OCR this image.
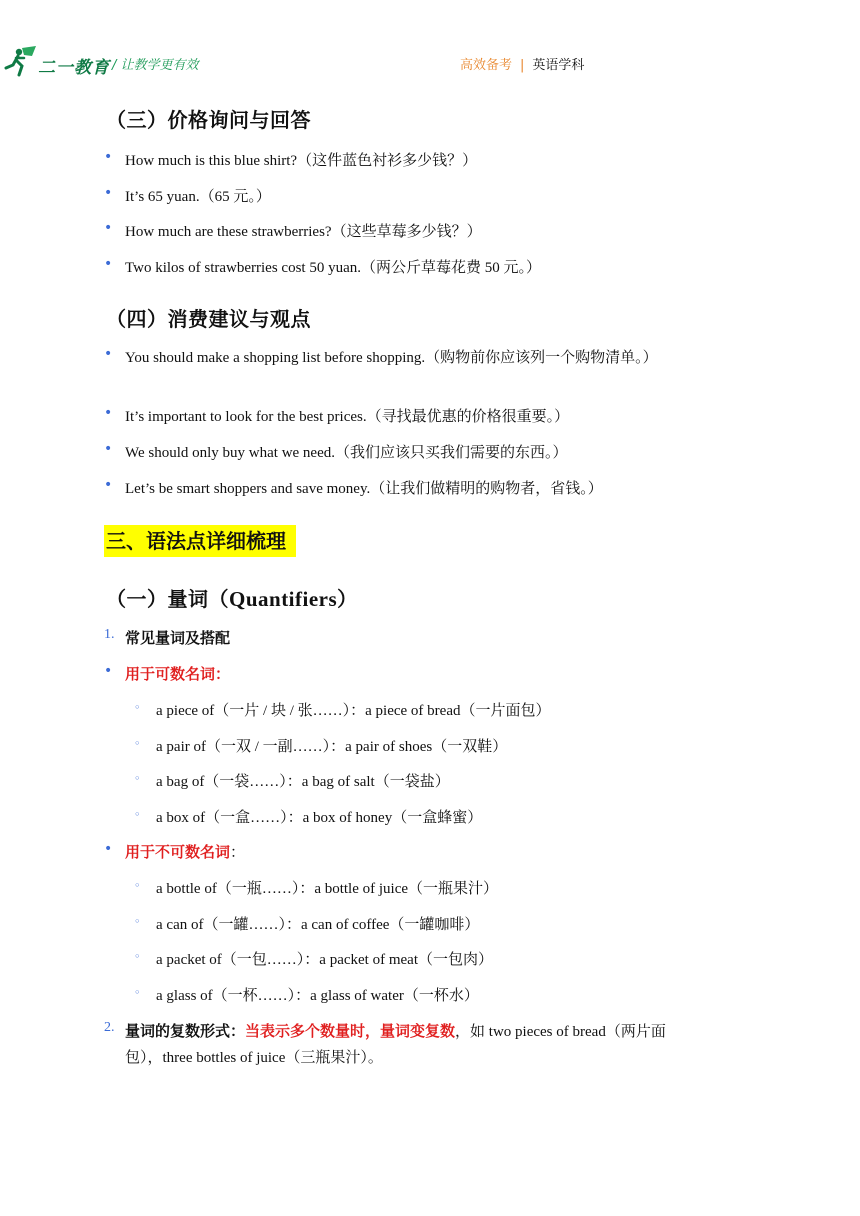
二一教育 / 让教学更有效	高效备考 | 英语学科
（三）价格询问与回答
• How much is this blue shirt?（这件蓝色衬衫多少钱？）
• It’s 65 yuan.（65 元。）
• How much are these strawberries?（这些草莓多少钱？）
• Two kilos of strawberries cost 50 yuan.（两公斤草莓花费 50 元。）
（四）消费建议与观点
• You should make a shopping list before shopping.（购物前你应该列一个购物清单。）
• It’s important to look for the best prices.（寻找最优惠的价格很重要。）
• We should only buy what we need.（我们应该只买我们需要的东西。）
• Let’s be smart shoppers and save money.（让我们做精明的购物者，省钱。）
三、语法点详细梳理
（一）量词（Quantifiers）
1. 常见量词及搭配
• 用于可数名词：
◦ a piece of（一片 / 块 / 张……）：a piece of bread（一片面包）
◦ a pair of（一双 / 一副……）：a pair of shoes（一双鞋）
◦ a bag of（一袋……）：a bag of salt（一袋盐）
◦ a box of（一盒……）：a box of honey（一盒蜂蜜）
• 用于不可数名词：
◦ a bottle of（一瓶……）：a bottle of juice（一瓶果汁）
◦ a can of（一罐……）：a can of coffee（一罐咖啡）
◦ a packet of（一包……）：a packet of meat（一包肉）
◦ a glass of（一杯……）：a glass of water（一杯水）
2. 量词的复数形式：当表示多个数量时，量词变复数，如 two pieces of bread（两片面
包），three bottles of juice（三瓶果汁）。
